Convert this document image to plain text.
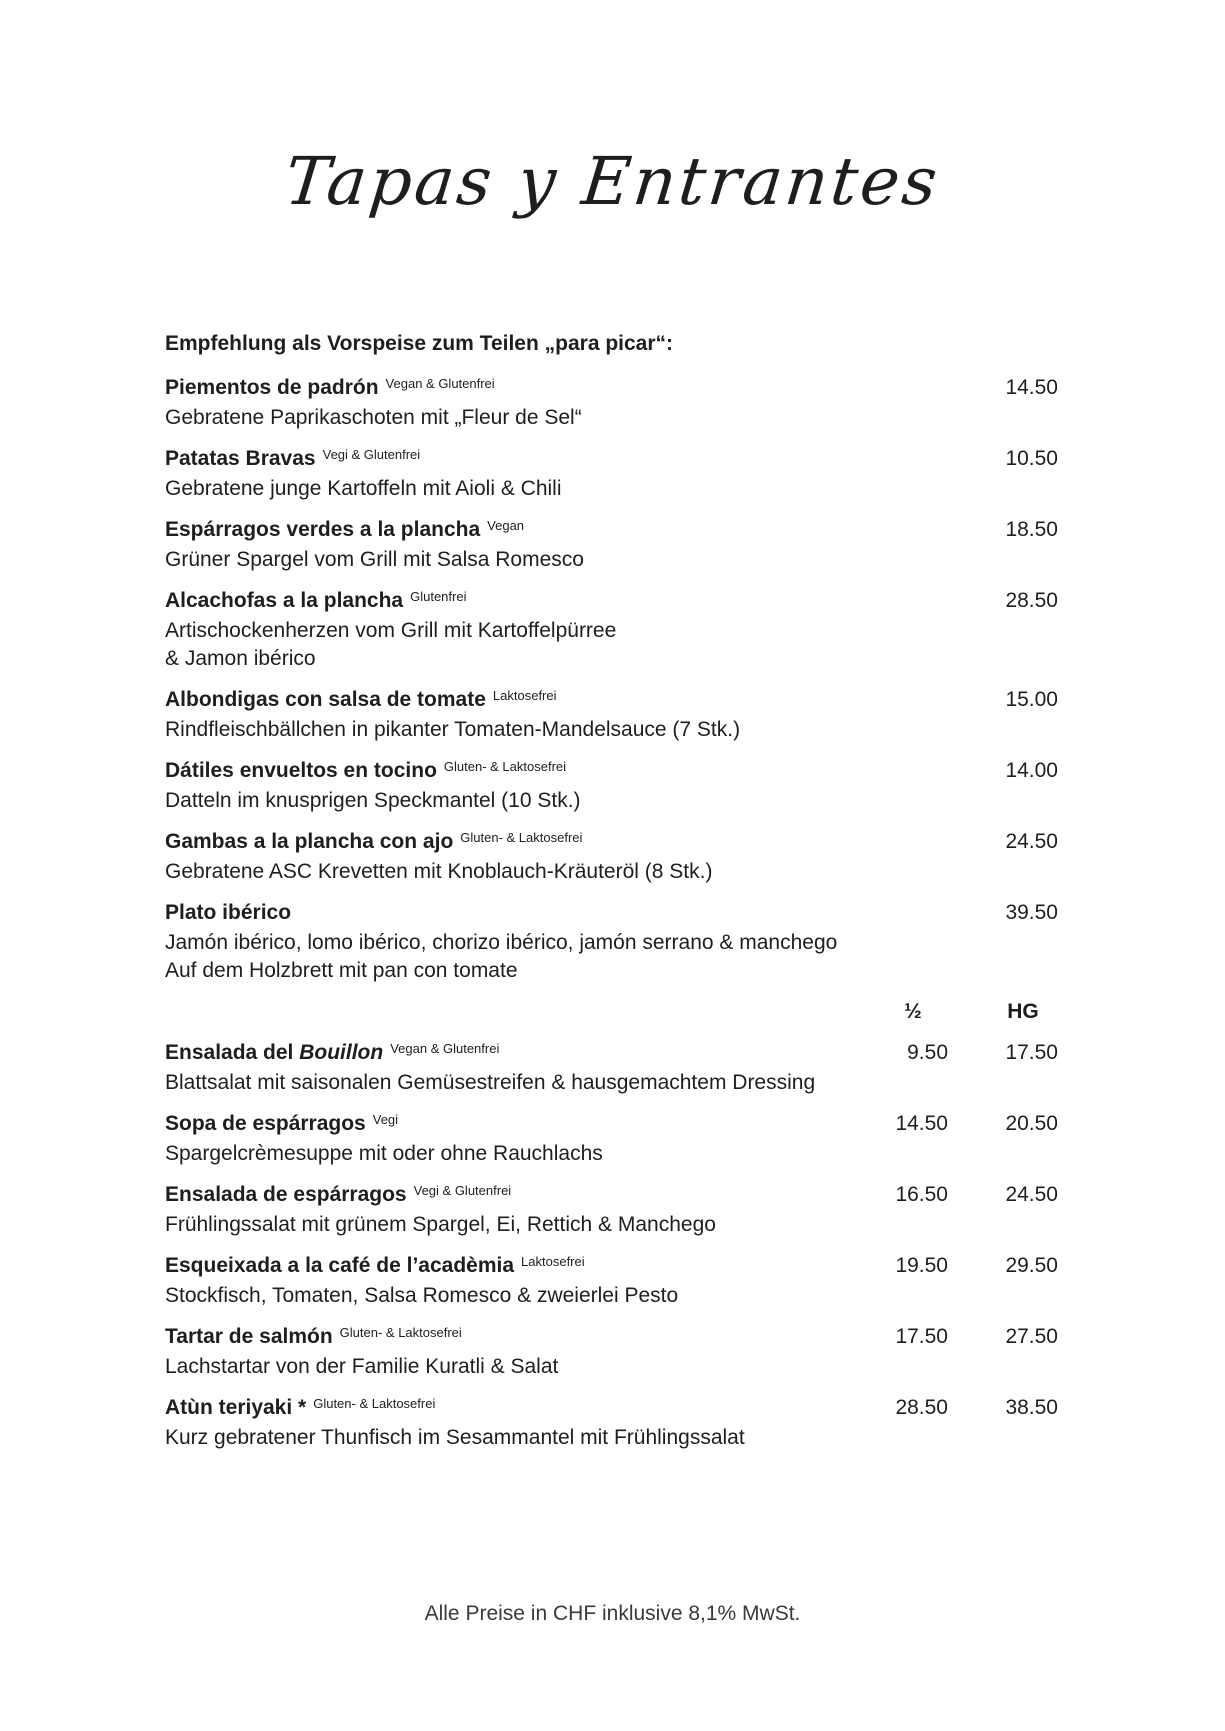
Tapas y Entrantes
Empfehlung als Vorspeise zum Teilen „para picar“:
Piementos de padrón $^{Vegan \& Glutenfrei}$	14.50
Gebratene Paprikaschoten mit „Fleur de Sel“
Patatas Bravas $^{Vegi \& Glutenfrei}$	10.50
Gebratene junge Kartoffeln mit Aioli & Chili
Espárragos verdes a la plancha $^{Vegan}$	18.50
Grüner Spargel vom Grill mit Salsa Romesco
Alcachofas a la plancha $^{Glutenfrei}$	28.50
Artischockenherzen vom Grill mit Kartoffelpürree
& Jamon ibérico
Albondigas con salsa de tomate $^{Laktosefrei}$	15.00
Rindfleischbällchen in pikanter Tomaten-Mandelsauce (7 Stk.)
Dátiles envueltos en tocino $^{Gluten- \& Laktosefrei}$	14.00
Datteln im knusprigen Speckmantel (10 Stk.)
Gambas a la plancha con ajo $^{Gluten- \& Laktosefrei}$	24.50
Gebratene ASC Krevetten mit Knoblauch-Kräuteröl (8 Stk.)
Plato ibérico	39.50
Jamón ibérico, lomo ibérico, chorizo ibérico, jamón serrano & manchego
Auf dem Holzbrett mit pan con tomate
½	HG
Ensalada del Bouillon $^{Vegan \& Glutenfrei}$	9.50	17.50
Blattsalat mit saisonalen Gemüsestreifen & hausgemachtem Dressing
Sopa de espárragos $^{Vegi}$	14.50	20.50
Spargelcrèmesuppe mit oder ohne Rauchlachs
Ensalada de espárragos $^{Vegi \& Glutenfrei}$	16.50	24.50
Frühlingssalat mit grünem Spargel, Ei, Rettich & Manchego
Esqueixada a la café de l’acadèmia $^{Laktosefrei}$	19.50	29.50
Stockfisch, Tomaten, Salsa Romesco & zweierlei Pesto
Tartar de salmón $^{Gluten- \& Laktosefrei}$	17.50	27.50
Lachstartar von der Familie Kuratli & Salat
Atùn teriyaki * $^{Gluten- \& Laktosefrei}$	28.50	38.50
Kurz gebratener Thunfisch im Sesammantel mit Frühlingssalat
Alle Preise in CHF inklusive 8,1% MwSt.
